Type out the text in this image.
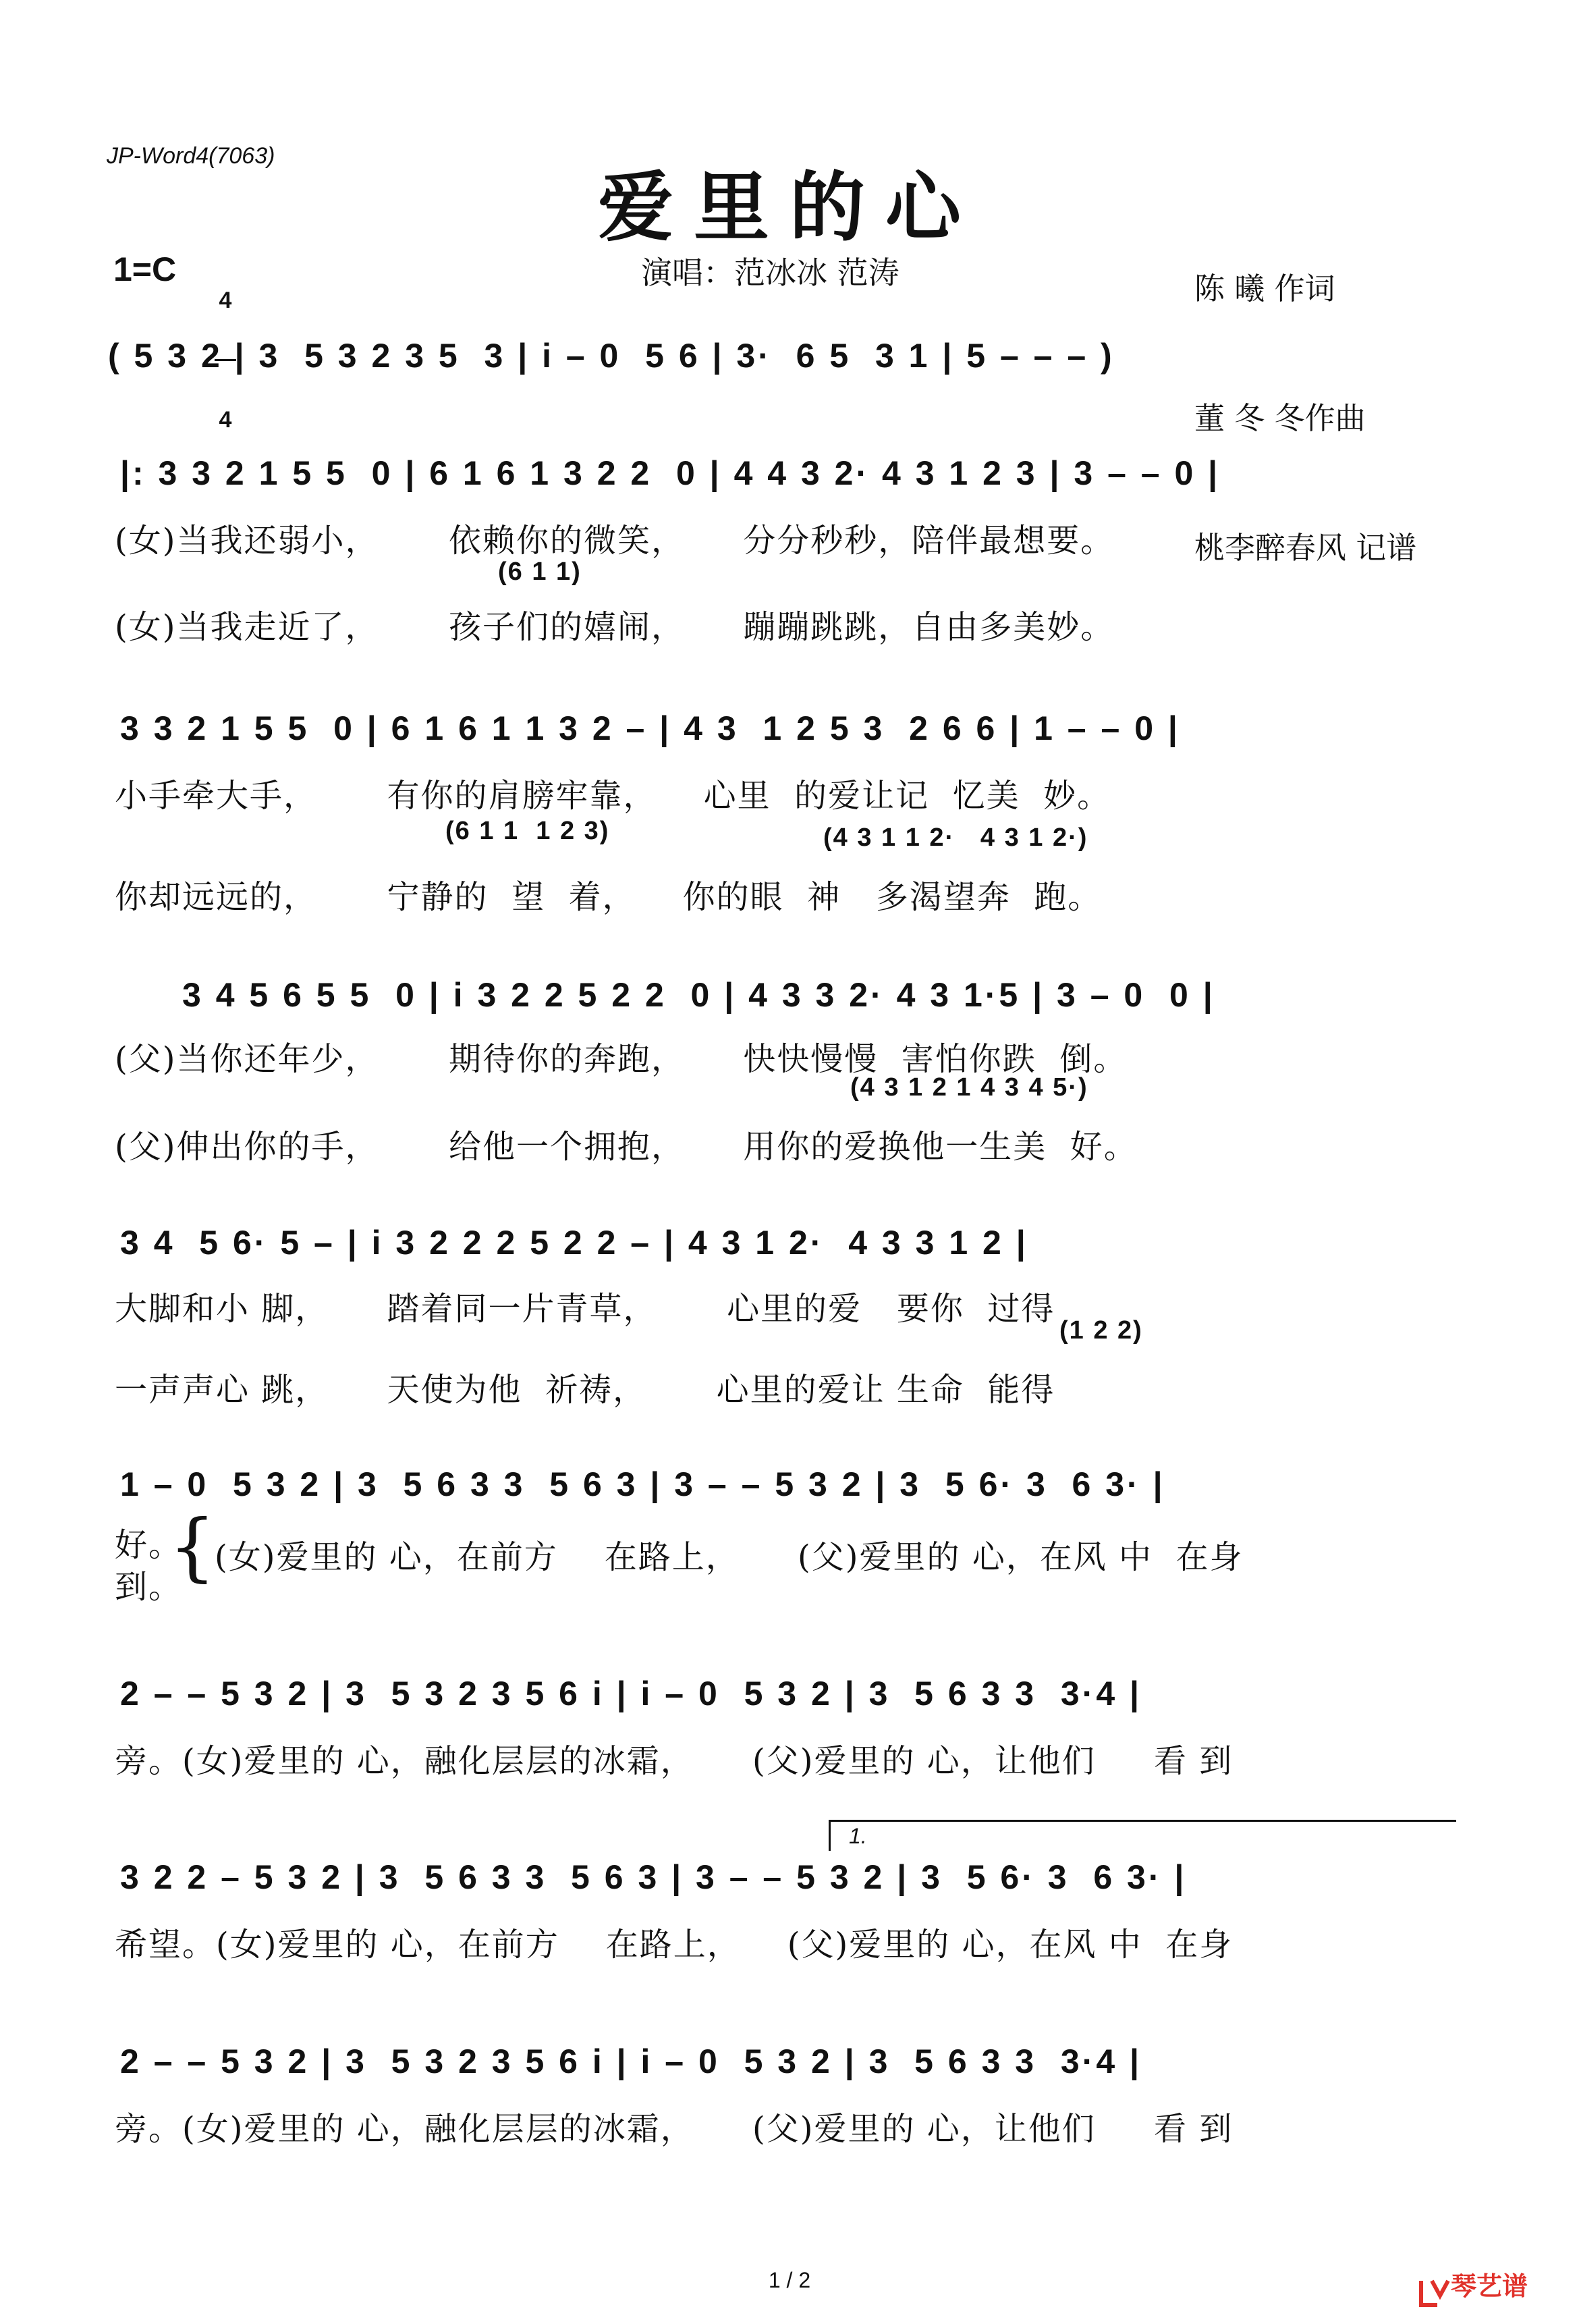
JP-Word4(7063)
爱里的心

陈 曦 作词

董 冬 冬作曲

桃李醉春风 记谱

1=C

4

4

演唱：范冰冰 范涛
( 5 3 2 | 3  5 3 2 3 5  3 | i – 0  5 6 | 3·  6 5  3 1 | 5 – – – )
|: 3 3 2 1 5 5  0 | 6 1 6 1 3 2 2  0 | 4 4 3 2· 4 3 1 2 3 | 3 – – 0 |
(女)当我还弱小，      依赖你的微笑，     分分秒秒，陪伴最想要。
(6 1 1)
(女)当我走近了，      孩子们的嬉闹，     蹦蹦跳跳，自由多美妙。
3 3 2 1 5 5  0 | 6 1 6 1 1 3 2 – | 4 3  1 2 5 3  2 6 6 | 1 – – 0 |
小手牵大手，      有你的肩膀牢靠，    心里  的爱让记  忆美  妙。
(6 1 1  1 2 3)	(4 3 1 1 2·   4 3 1 2·)
你却远远的，      宁静的  望  着，    你的眼  神   多渴望奔  跑。
3 4 5 6 5 5  0 | i 3 2 2 5 2 2  0 | 4 3 3 2· 4 3 1·5 | 3 – 0  0 |
(父)当你还年少，      期待你的奔跑，     快快慢慢  害怕你跌  倒。
(4 3 1 2 1 4 3 4 5·)
(父)伸出你的手，      给他一个拥抱，     用你的爱换他一生美  好。
3 4  5 6· 5 – | i 3 2 2 2 5 2 2 – | 4 3 1 2·  4 3 3 1 2 |
大脚和小 脚，     踏着同一片青草，      心里的爱   要你  过得
(1 2 2)
一声声心 跳，     天使为他  祈祷，      心里的爱让 生命  能得
1 – 0  5 3 2 | 3  5 6 3 3  5 6 3 | 3 – – 5 3 2 | 3  5 6· 3  6 3· |
好。
到。
{
(女)爱里的 心，在前方    在路上，     (父)爱里的 心，在风 中  在身
2 – – 5 3 2 | 3  5 3 2 3 5 6 i | i – 0  5 3 2 | 3  5 6 3 3  3·4 |
旁。(女)爱里的 心，融化层层的冰霜，     (父)爱里的 心，让他们     看 到
1.
3 2 2 – 5 3 2 | 3  5 6 3 3  5 6 3 | 3 – – 5 3 2 | 3  5 6· 3  6 3· |
希望。(女)爱里的 心，在前方    在路上，    (父)爱里的 心，在风 中  在身
2 – – 5 3 2 | 3  5 3 2 3 5 6 i | i – 0  5 3 2 | 3  5 6 3 3  3·4 |
旁。(女)爱里的 心，融化层层的冰霜，     (父)爱里的 心，让他们     看 到
1 / 2

	琴艺谱
